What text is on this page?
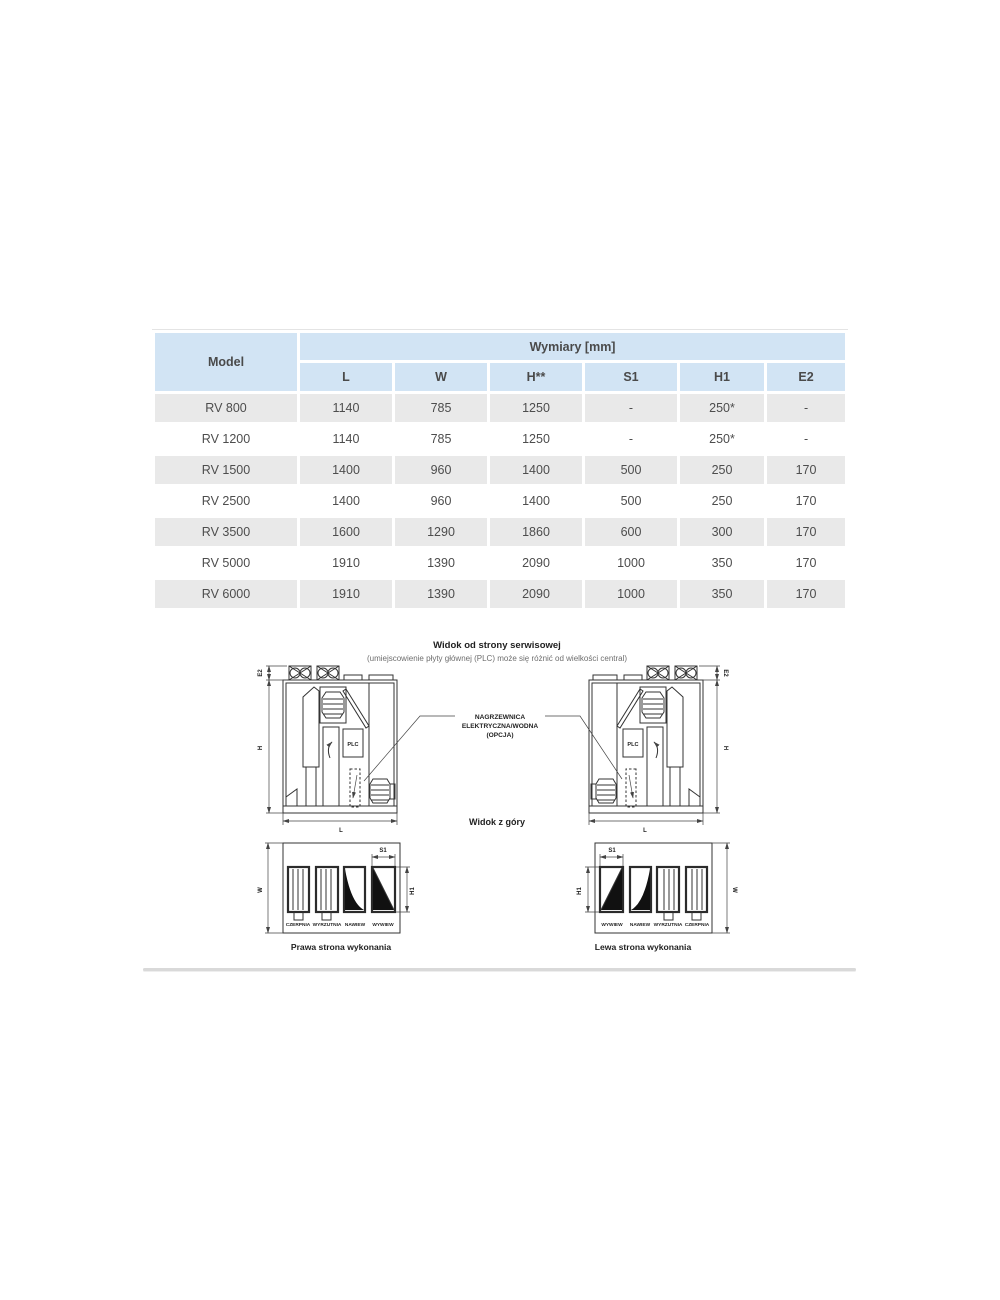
Model	Wymiary [mm]					
	L	W	H**	S1	H1	E2
RV 800	1140	785	1250	-	250*	-
RV 1200	1140	785	1250	-	250*	-
RV 1500	1400	960	1400	500	250	170
RV 2500	1400	960	1400	500	250	170
RV 3500	1600	1290	1860	600	300	170
RV 5000	1910	1390	2090	1000	350	170
RV 6000	1910	1390	2090	1000	350	170
Widok od strony serwisowej
(umiejscowienie płyty głównej (PLC) może się różnić od wielkości central)
NAGRZEWNICA
ELEKTRYCZNA/WODNA
(OPCJA)
PLC	PLC
E2
H
L
E2
H
L
Widok z góry
W
S1
H1
CZERPNIA WYRZUTNIA NAWIEW WYWIEW
Prawa strona wykonania
W
S1
H1
WYWIEW NAWIEW WYRZUTNIA CZERPNIA
Lewa strona wykonania
